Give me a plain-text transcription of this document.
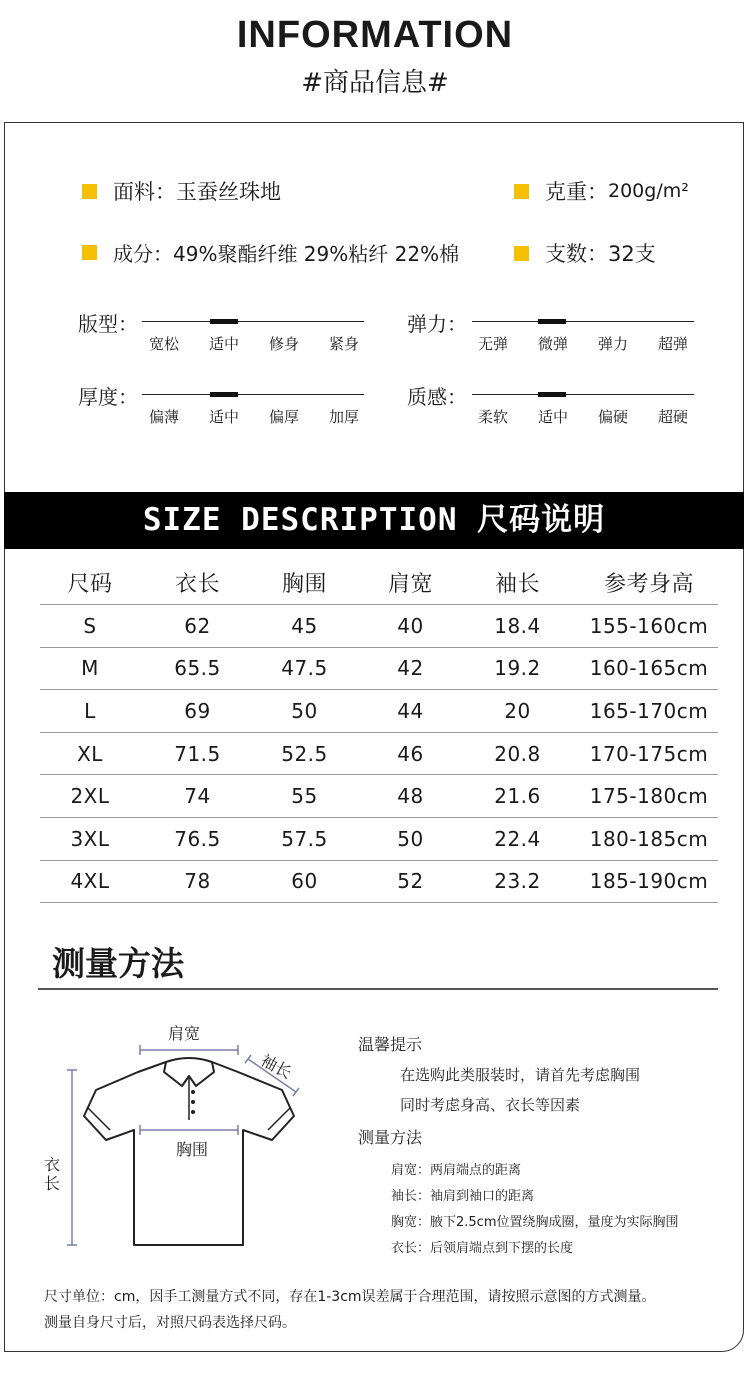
INFORMATION
#商品信息#
面料：玉蚕丝珠地	克重： 200g/m²
成分：49%聚酯纤维 29%粘纤 22%棉	支数：32支
版型：
宽松	适中	修身	紧身
弹力：
无弹	微弹	弹力	超弹
厚度：
偏薄	适中	偏厚	加厚
质感：
柔软	适中	偏硬	超硬
SIZE DESCRIPTION 尺码说明
尺码	衣长	胸围	肩宽	袖长	参考身高
S	62	45	40	18.4	155-160cm
M	65.5	47.5	42	19.2	160-165cm
L	69	50	44	20	165-170cm
XL	71.5	52.5	46	20.8	170-175cm
2XL	74	55	48	21.6	175-180cm
3XL	76.5	57.5	50	22.4	180-185cm
4XL	78	60	52	23.2	185-190cm
测量方法
肩宽
袖长
胸围
衣
长
温馨提示
在选购此类服装时，请首先考虑胸围
同时考虑身高、衣长等因素
测量方法
肩宽：两肩端点的距离
袖长：袖肩到袖口的距离
胸宽：腋下2.5cm位置绕胸成圈，量度为实际胸围
衣长：后领肩端点到下摆的长度
尺寸单位：cm，因手工测量方式不同，存在1-3cm误差属于合理范围，请按照示意图的方式测量。
测量自身尺寸后，对照尺码表选择尺码。
